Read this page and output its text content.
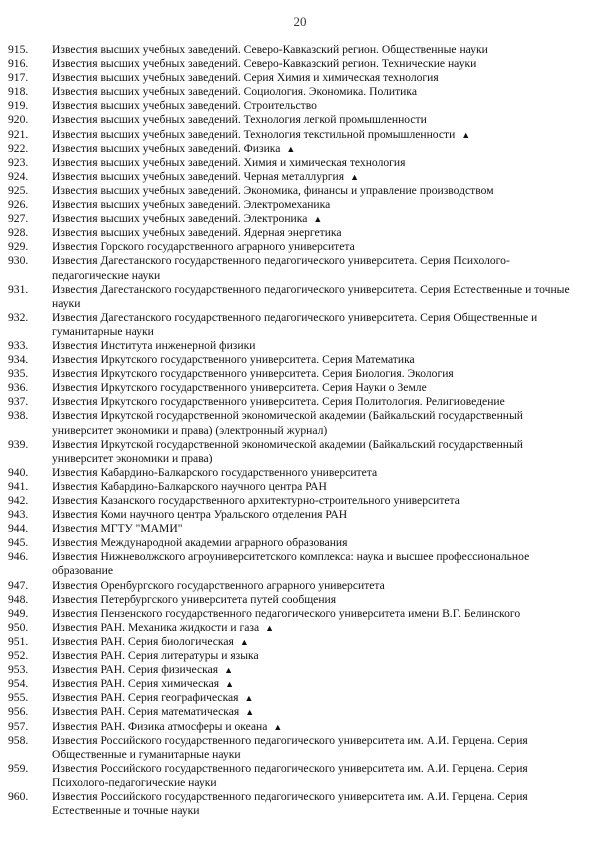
20
915.	Известия высших учебных заведений. Северо-Кавказский регион. Общественные науки
916.	Известия высших учебных заведений. Северо-Кавказский регион. Технические науки
917.	Известия высших учебных заведений. Серия Химия и химическая технология
918.	Известия высших учебных заведений. Социология. Экономика. Политика
919.	Известия высших учебных заведений. Строительство
920.	Известия высших учебных заведений. Технология легкой промышленности
921.	Известия высших учебных заведений. Технология текстильной промышленности ▲
922.	Известия высших учебных заведений. Физика ▲
923.	Известия высших учебных заведений. Химия и химическая технология
924.	Известия высших учебных заведений. Черная металлургия ▲
925.	Известия высших учебных заведений. Экономика, финансы и управление производством
926.	Известия высших учебных заведений. Электромеханика
927.	Известия высших учебных заведений. Электроника ▲
928.	Известия высших учебных заведений. Ядерная энергетика
929.	Известия Горского государственного аграрного университета
930.	Известия Дагестанского государственного педагогического университета. Серия Психолого-педагогические науки
931.	Известия Дагестанского государственного педагогического университета. Серия Естественные и точные науки
932.	Известия Дагестанского государственного педагогического университета. Серия Общественные и гуманитарные науки
933.	Известия Института инженерной физики
934.	Известия Иркутского государственного университета. Серия Математика
935.	Известия Иркутского государственного университета. Серия Биология. Экология
936.	Известия Иркутского государственного университета. Серия Науки о Земле
937.	Известия Иркутского государственного университета. Серия Политология. Религиоведение
938.	Известия Иркутской государственной экономической академии (Байкальский государственный университет экономики и права) (электронный журнал)
939.	Известия Иркутской государственной экономической академии (Байкальский государственный университет экономики и права)
940.	Известия Кабардино-Балкарского государственного университета
941.	Известия Кабардино-Балкарского научного центра РАН
942.	Известия Казанского государственного архитектурно-строительного университета
943.	Известия Коми научного центра Уральского отделения РАН
944.	Известия МГТУ "МАМИ"
945.	Известия Международной академии аграрного образования
946.	Известия Нижневолжского агроуниверситетского комплекса: наука и высшее профессиональное образование
947.	Известия Оренбургского государственного аграрного университета
948.	Известия Петербургского университета путей сообщения
949.	Известия Пензенского государственного педагогического университета имени В.Г. Белинского
950.	Известия РАН. Механика жидкости и газа ▲
951.	Известия РАН. Серия биологическая ▲
952.	Известия РАН. Серия литературы и языка
953.	Известия РАН. Серия физическая ▲
954.	Известия РАН. Серия химическая ▲
955.	Известия РАН. Серия географическая ▲
956.	Известия РАН. Серия математическая ▲
957.	Известия РАН. Физика атмосферы и океана ▲
958.	Известия Российского государственного педагогического университета им. А.И. Герцена. Серия Общественные и гуманитарные науки
959.	Известия Российского государственного педагогического университета им. А.И. Герцена. Серия Психолого-педагогические науки
960.	Известия Российского государственного педагогического университета им. А.И. Герцена. Серия Естественные и точные науки
